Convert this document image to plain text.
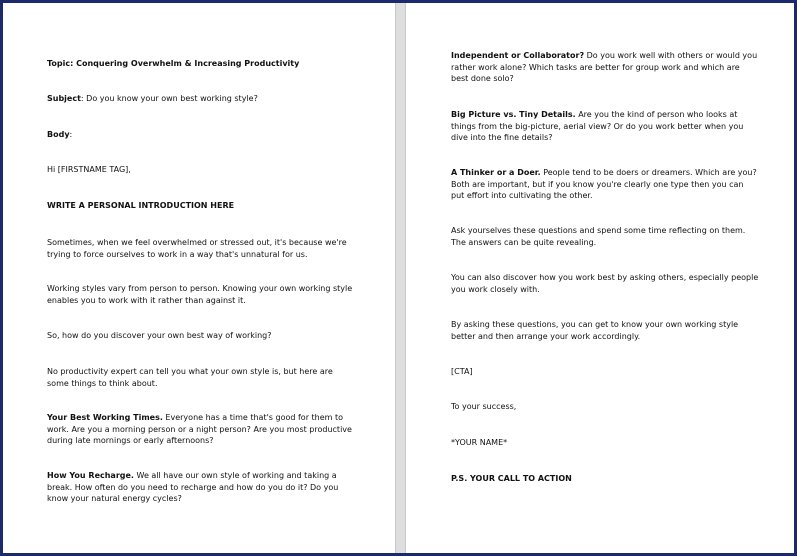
Topic: Conquering Overwhelm & Increasing Productivity
Subject: Do you know your own best working style?
Body:
Hi [FIRSTNAME TAG],
WRITE A PERSONAL INTRODUCTION HERE
Sometimes, when we feel overwhelmed or stressed out, it's because we're trying to force ourselves to work in a way that's unnatural for us.
Working styles vary from person to person. Knowing your own working style enables you to work with it rather than against it.
So, how do you discover your own best way of working?
No productivity expert can tell you what your own style is, but here are some things to think about.
Your Best Working Times. Everyone has a time that's good for them to work. Are you a morning person or a night person? Are you most productive during late mornings or early afternoons?
How You Recharge. We all have our own style of working and taking a break. How often do you need to recharge and how do you do it? Do you know your natural energy cycles?
Independent or Collaborator? Do you work well with others or would you rather work alone? Which tasks are better for group work and which are best done solo?
Big Picture vs. Tiny Details. Are you the kind of person who looks at things from the big-picture, aerial view? Or do you work better when you dive into the fine details?
A Thinker or a Doer. People tend to be doers or dreamers. Which are you? Both are important, but if you know you're clearly one type then you can put effort into cultivating the other.
Ask yourselves these questions and spend some time reflecting on them. The answers can be quite revealing.
You can also discover how you work best by asking others, especially people you work closely with.
By asking these questions, you can get to know your own working style better and then arrange your work accordingly.
[CTA]
To your success,
*YOUR NAME*
P.S. YOUR CALL TO ACTION
